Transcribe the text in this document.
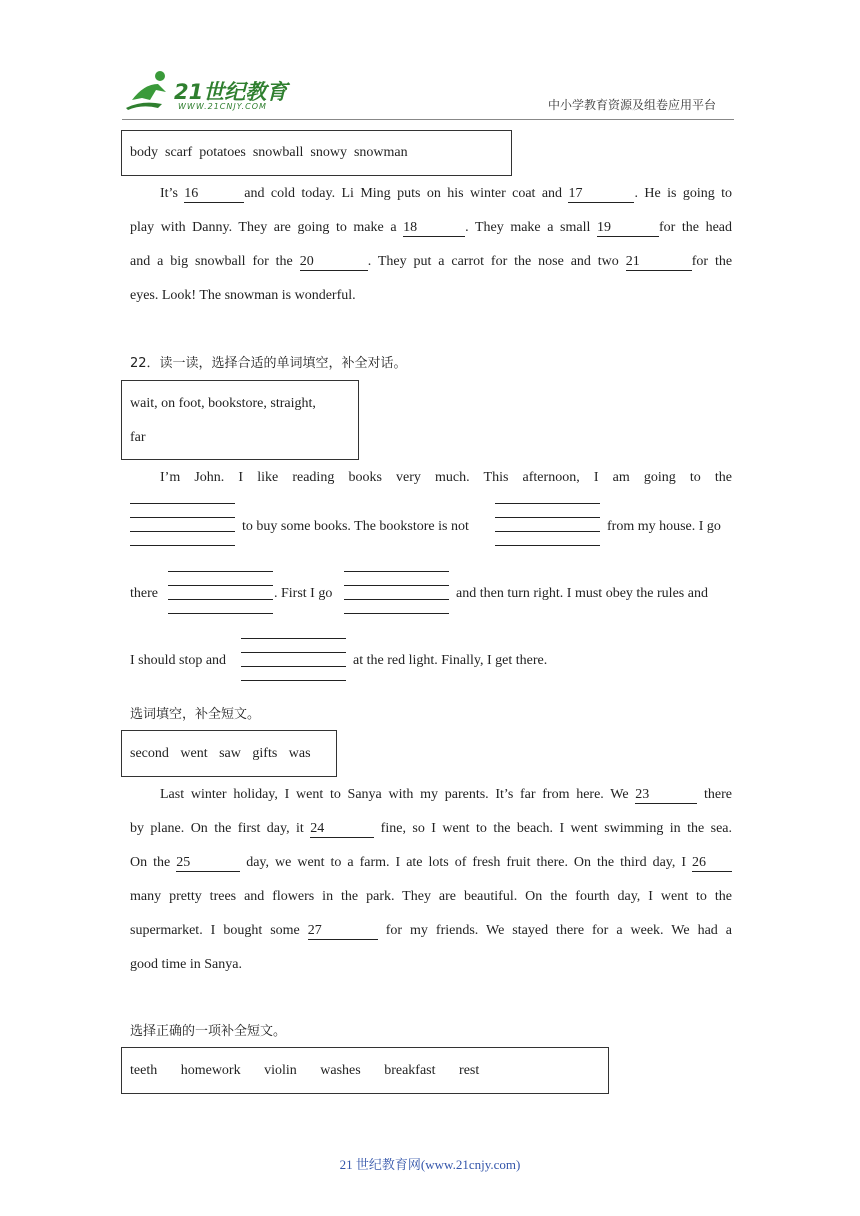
21世纪教育
WWW.21CNJY.COM	中小学教育资源及组卷应用平台
body scarf potatoes snowball snowy snowman
It’s 16	and cold today. Li Ming puts on his winter coat and 17	. He is going to
play with Danny. They are going to make a 18	. They make a small 19	for the head
and a big snowball for the 20	. They put a carrot for the nose and two 21	for the
eyes. Look! The snowman is wonderful.
22．读一读，选择合适的单词填空，补全对话。
wait, on foot, bookstore, straight,
far
I’m John. I like reading books very much. This afternoon, I am going to the
to buy some books. The bookstore is not	from my house. I go
there	. First I go	and then turn right. I must obey the rules and
I should stop and	at the red light. Finally, I get there.
选词填空，补全短文。
second went saw gifts was
Last winter holiday, I went to Sanya with my parents. It’s far from here. We 23	there
by plane. On the first day, it 24	fine, so I went to the beach. I went swimming in the sea.
On the 25	day, we went to a farm. I ate lots of fresh fruit there. On the third day, I 26
many pretty trees and flowers in the park. They are beautiful. On the fourth day, I went to the
supermarket. I bought some 27	for my friends. We stayed there for a week. We had a
good time in Sanya.
选择正确的一项补全短文。
teeth homework violin washes breakfast rest
21 世纪教育网(www.21cnjy.com)
